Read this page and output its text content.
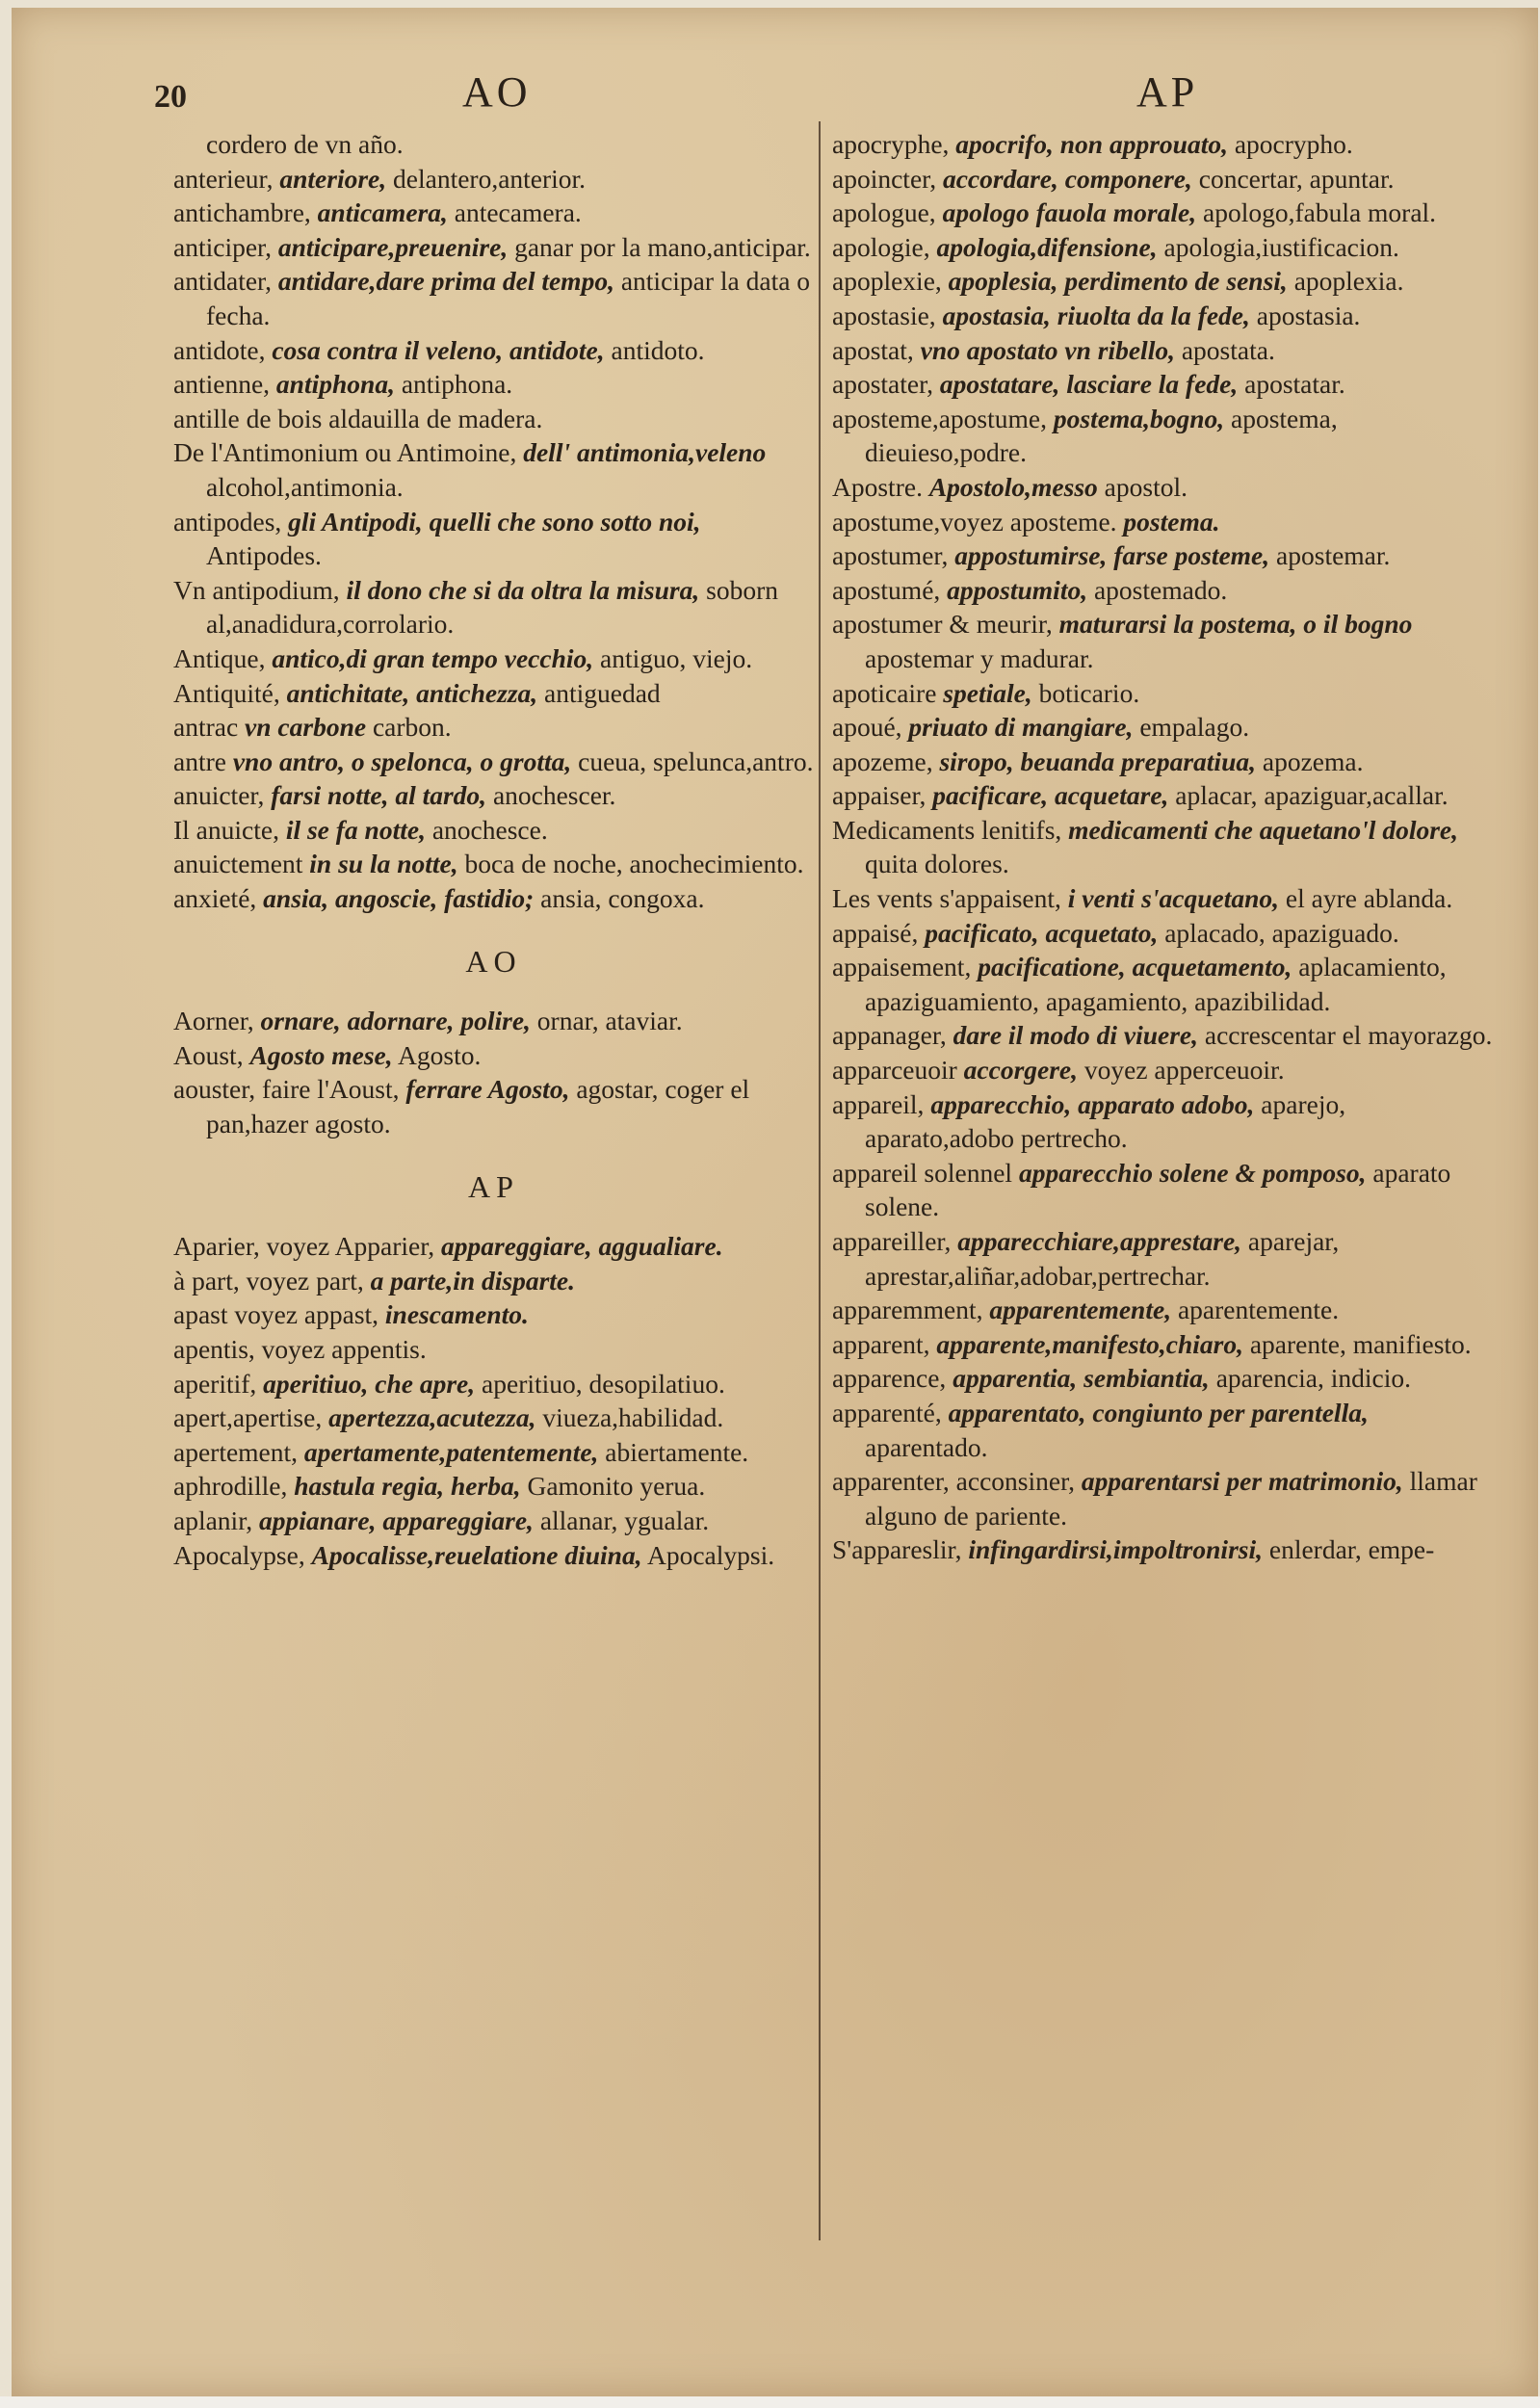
20	AO	AP

cordero de vn año.

anterieur, anteriore, delantero,anterior.

antichambre, anticamera, antecamera.

anticiper, anticipare,preuenire, ganar por la mano,anticipar.

antidater, antidare,dare prima del tempo, anticipar la data o fecha.

antidote, cosa contra il veleno, antidote, antidoto.

antienne, antiphona, antiphona.

antille de bois aldauilla de madera.

De l'Antimonium ou Antimoine, dell' antimonia,veleno alcohol,antimonia.

antipodes, gli Antipodi, quelli che sono sotto noi, Antipodes.

Vn antipodium, il dono che si da oltra la misura, soborn al,anadidura,corrolario.

Antique, antico,di gran tempo vecchio, antiguo, viejo.

Antiquité, antichitate, antichezza, antiguedad

antrac vn carbone carbon.

antre vno antro, o spelonca, o grotta, cueua, spelunca,antro.

anuicter, farsi notte, al tardo, anochescer.

Il anuicte, il se fa notte, anochesce.

anuictement in su la notte, boca de noche, anochecimiento.

anxieté, ansia, angoscie, fastidio; ansia, congoxa.

AO

Aorner, ornare, adornare, polire, ornar, ataviar.

Aoust, Agosto mese, Agosto.

aouster, faire l'Aoust, ferrare Agosto, agostar, coger el pan,hazer agosto.

AP

Aparier, voyez Apparier, appareggiare, aggualiare.

à part, voyez part, a parte,in disparte.

apast voyez appast, inescamento.

apentis, voyez appentis.

aperitif, aperitiuo, che apre, aperitiuo, desopilatiuo.

apert,apertise, apertezza,acutezza, viueza,habilidad.

apertement, apertamente,patentemente, abiertamente.

aphrodille, hastula regia, herba, Gamonito yerua.

aplanir, appianare, appareggiare, allanar, ygualar.

Apocalypse, Apocalisse,reuelatione diuina, Apocalypsi.

apocryphe, apocrifo, non approuato, apocrypho.

apoincter, accordare, componere, concertar, apuntar.

apologue, apologo fauola morale, apologo,fabula moral.

apologie, apologia,difensione, apologia,iustificacion.

apoplexie, apoplesia, perdimento de sensi, apoplexia.

apostasie, apostasia, riuolta da la fede, apostasia.

apostat, vno apostato vn ribello, apostata.

apostater, apostatare, lasciare la fede, apostatar.

aposteme,apostume, postema,bogno, apostema, dieuieso,podre.

Apostre. Apostolo,messo apostol.

apostume,voyez aposteme. postema.

apostumer, appostumirse, farse posteme, apostemar.

apostumé, appostumito, apostemado.

apostumer & meurir, maturarsi la postema, o il bogno apostemar y madurar.

apoticaire spetiale, boticario.

apoué, priuato di mangiare, empalago.

apozeme, siropo, beuanda preparatiua, apozema.

appaiser, pacificare, acquetare, aplacar, apaziguar,acallar.

Medicaments lenitifs, medicamenti che aquetano'l dolore, quita dolores.

Les vents s'appaisent, i venti s'acquetano, el ayre ablanda.

appaisé, pacificato, acquetato, aplacado, apaziguado.

appaisement, pacificatione, acquetamento, aplacamiento, apaziguamiento, apagamiento, apazibilidad.

appanager, dare il modo di viuere, accrescentar el mayorazgo.

apparceuoir accorgere, voyez apperceuoir.

appareil, apparecchio, apparato adobo, aparejo, aparato,adobo pertrecho.

appareil solennel apparecchio solene & pomposo, aparato solene.

appareiller, apparecchiare,apprestare, aparejar, aprestar,aliñar,adobar,pertrechar.

apparemment, apparentemente, aparentemente.

apparent, apparente,manifesto,chiaro, aparente, manifiesto.

apparence, apparentia, sembiantia, aparencia, indicio.

apparenté, apparentato, congiunto per parentella, aparentado.

apparenter, acconsiner, apparentarsi per matrimonio, llamar alguno de pariente.

S'appareslir, infingardirsi,impoltronirsi, enlerdar, empe-
